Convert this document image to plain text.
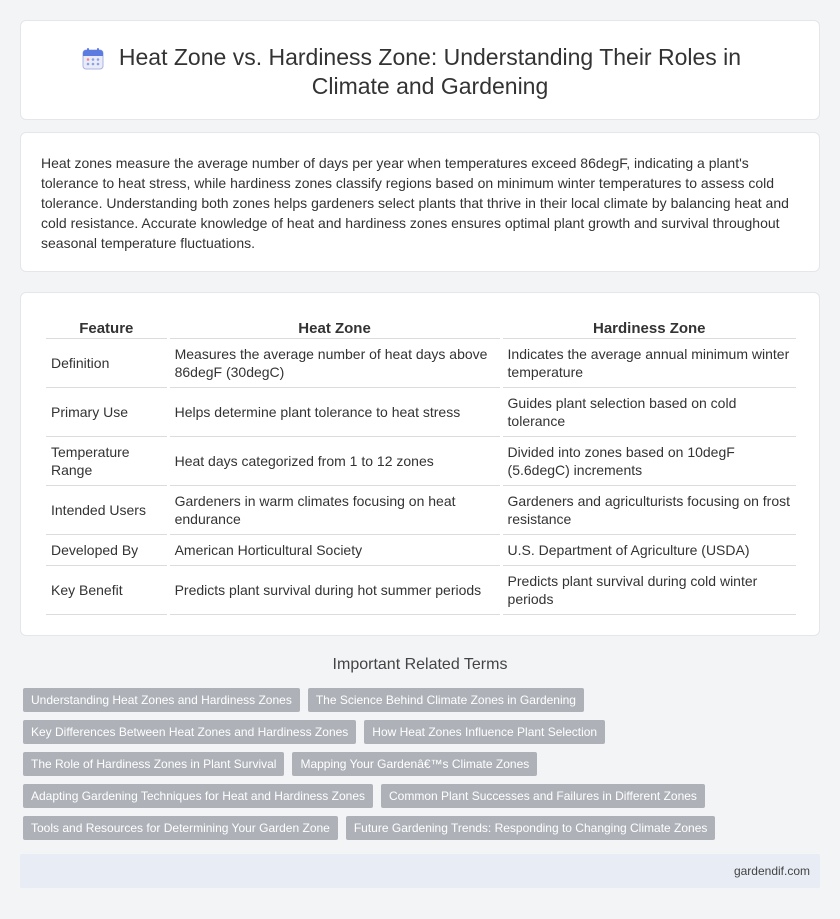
Heat Zone vs. Hardiness Zone: Understanding Their Roles in Climate and Gardening

Heat zones measure the average number of days per year when temperatures exceed 86degF, indicating a plant's tolerance to heat stress, while hardiness zones classify regions based on minimum winter temperatures to assess cold tolerance. Understanding both zones helps gardeners select plants that thrive in their local climate by balancing heat and cold resistance. Accurate knowledge of heat and hardiness zones ensures optimal plant growth and survival throughout seasonal temperature fluctuations.

Feature	Heat Zone	Hardiness Zone
Definition	Measures the average number of heat days above 86degF (30degC)	Indicates the average annual minimum winter temperature
Primary Use	Helps determine plant tolerance to heat stress	Guides plant selection based on cold tolerance
Temperature Range	Heat days categorized from 1 to 12 zones	Divided into zones based on 10degF (5.6degC) increments
Intended Users	Gardeners in warm climates focusing on heat endurance	Gardeners and agriculturists focusing on frost resistance
Developed By	American Horticultural Society	U.S. Department of Agriculture (USDA)
Key Benefit	Predicts plant survival during hot summer periods	Predicts plant survival during cold winter periods
Important Related Terms
Understanding Heat Zones and Hardiness Zones	The Science Behind Climate Zones in Gardening
Key Differences Between Heat Zones and Hardiness Zones	How Heat Zones Influence Plant Selection
The Role of Hardiness Zones in Plant Survival	Mapping Your Gardenâ€™s Climate Zones
Adapting Gardening Techniques for Heat and Hardiness Zones	Common Plant Successes and Failures in Different Zones
Tools and Resources for Determining Your Garden Zone	Future Gardening Trends: Responding to Changing Climate Zones
gardendif.com
